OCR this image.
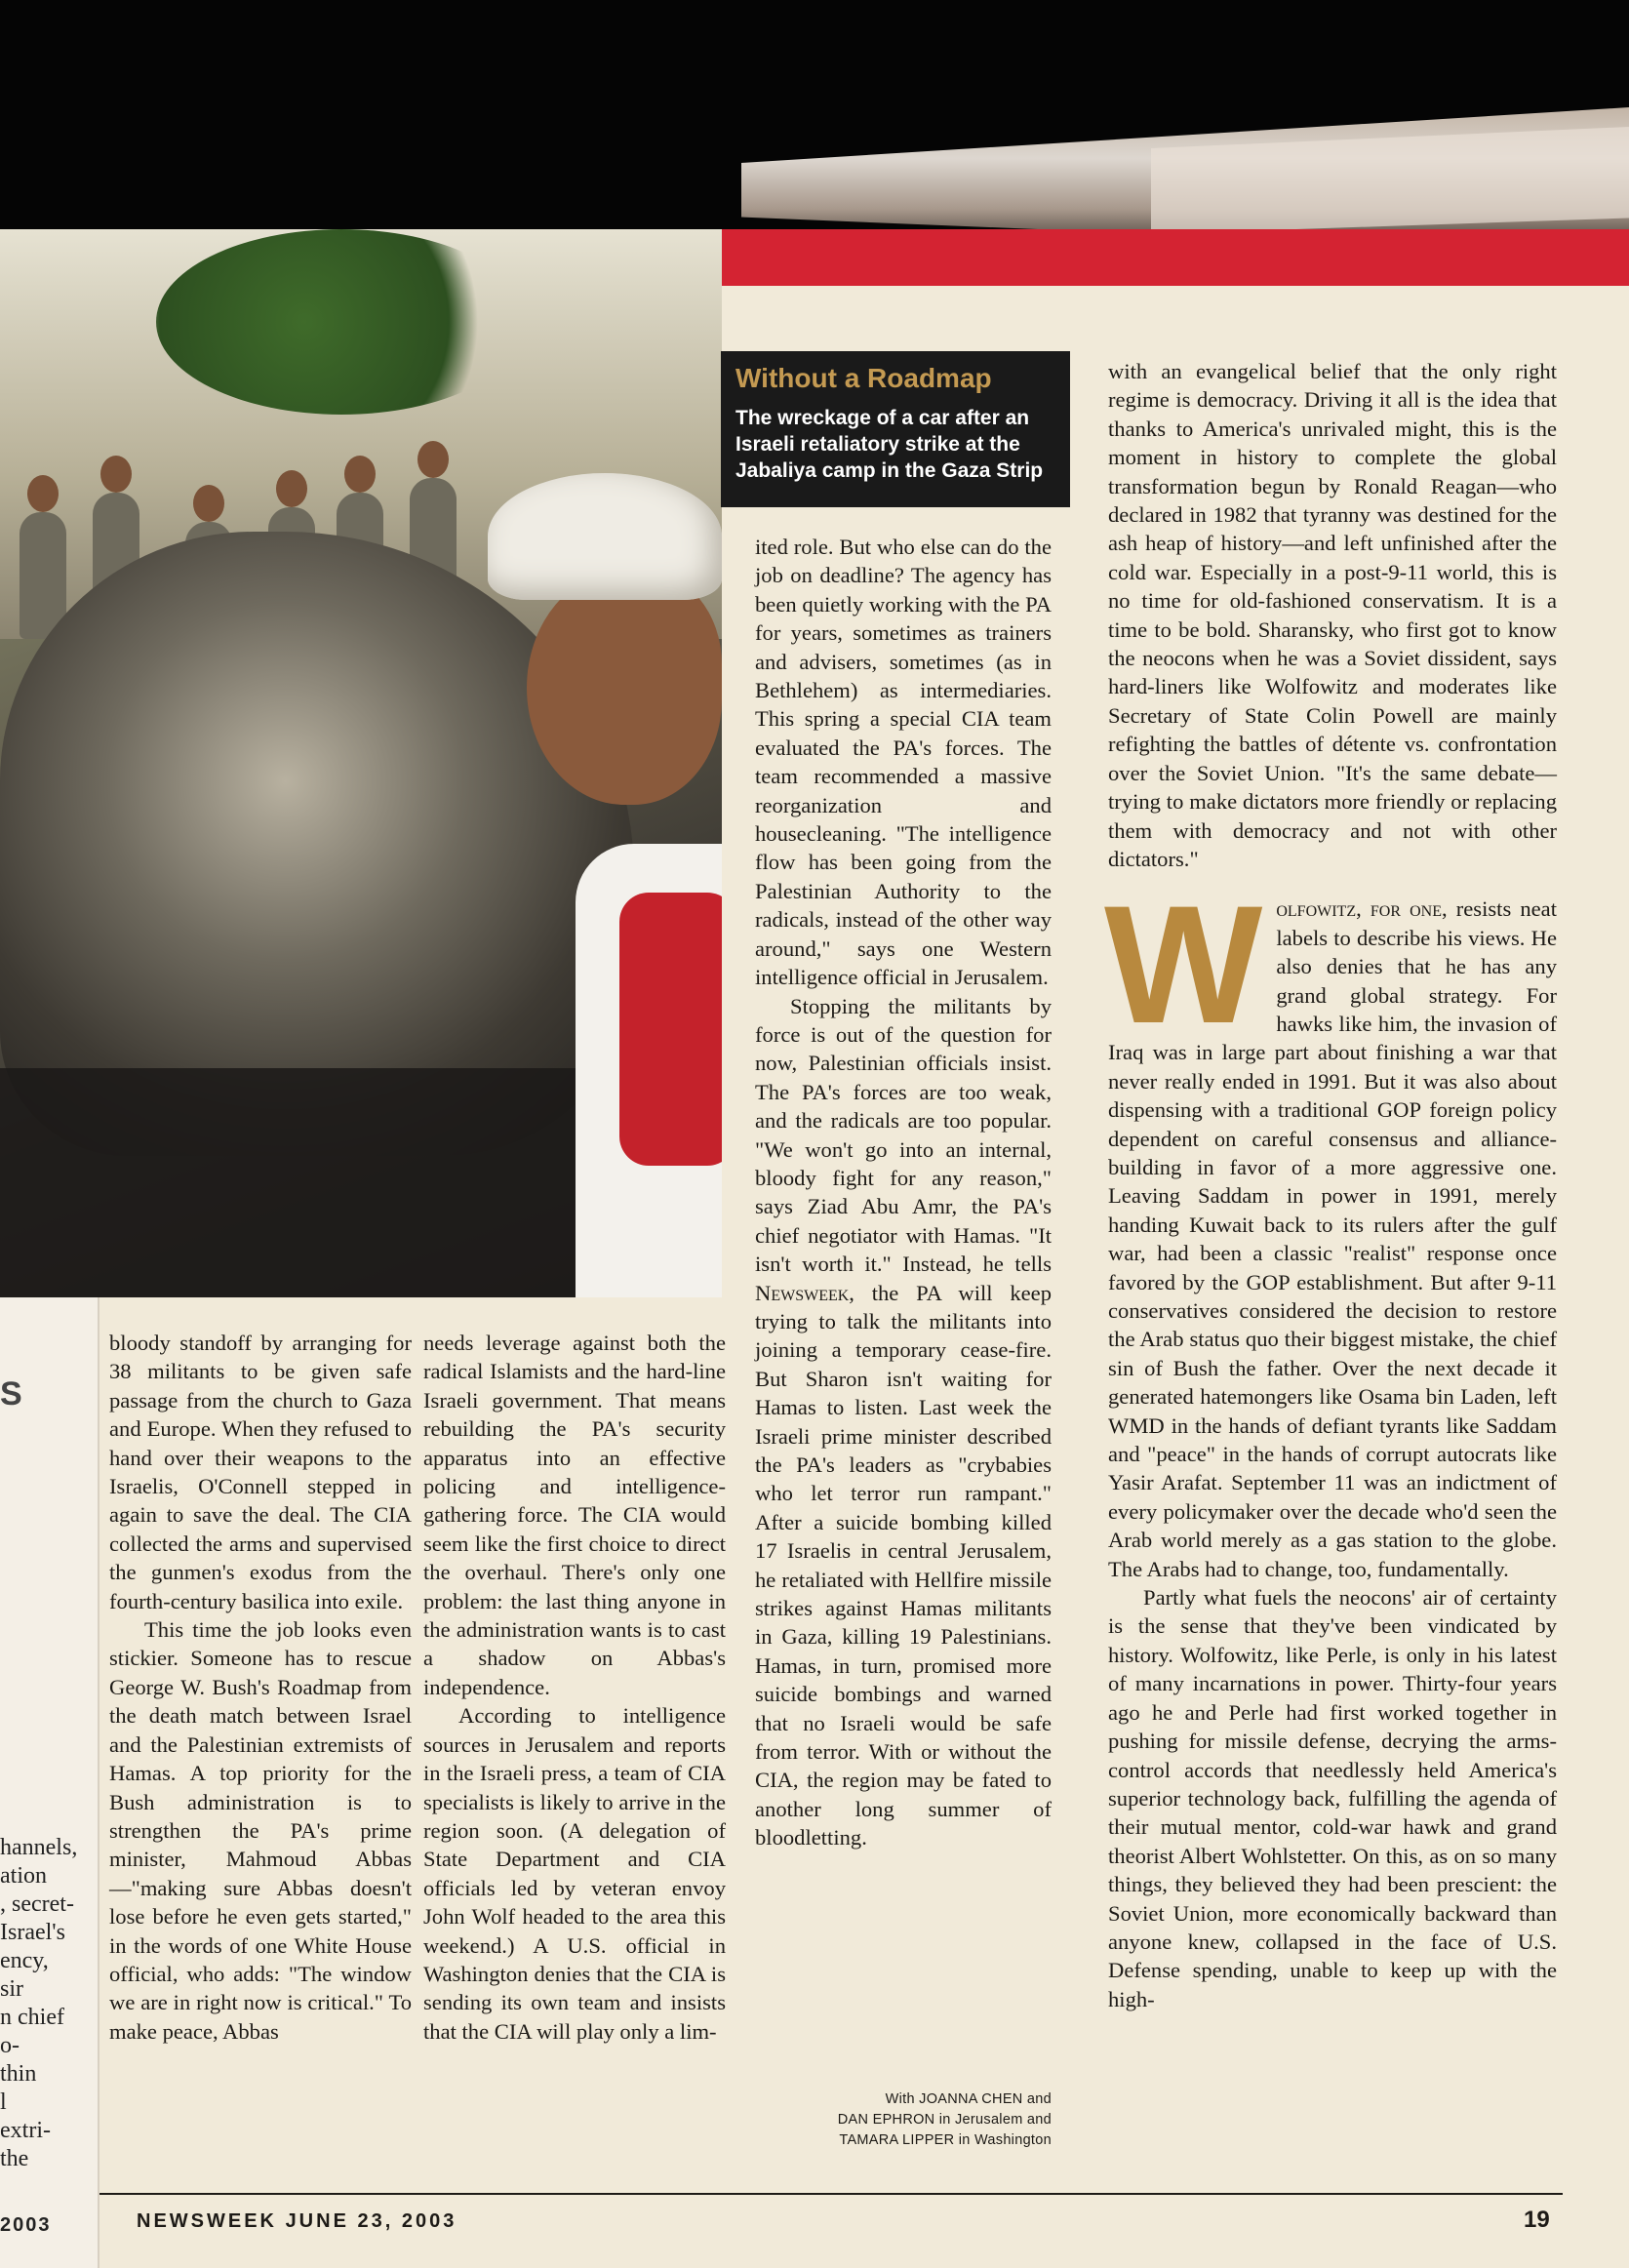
Without a Roadmap
The wreckage of a car after an Israeli retaliatory strike at the Jabaliya camp in the Gaza Strip
S
hannels,
ation
, secret-
Israel's
ency,
sir
n chief
o-
thin
l
extri-
the
2003

bloody standoff by arranging for 38 militants to be given safe passage from the church to Gaza and Europe. When they refused to hand over their weapons to the Israelis, O'Connell stepped in again to save the deal. The CIA collected the arms and supervised the gunmen's exodus from the fourth-century basilica into exile.

This time the job looks even stickier. Someone has to rescue George W. Bush's Roadmap from the death match between Israel and the Palestinian extremists of Hamas. A top priority for the Bush administration is to strengthen the PA's prime minister, Mahmoud Abbas—"making sure Abbas doesn't lose before he even gets started," in the words of one White House official, who adds: "The window we are in right now is critical." To make peace, Abbas

needs leverage against both the radical Islamists and the hard-line Israeli government. That means rebuilding the PA's security apparatus into an effective policing and intelligence-gathering force. The CIA would seem like the first choice to direct the overhaul. There's only one problem: the last thing anyone in the administration wants is to cast a shadow on Abbas's independence.

According to intelligence sources in Jerusalem and reports in the Israeli press, a team of CIA specialists is likely to arrive in the region soon. (A delegation of State Department and CIA officials led by veteran envoy John Wolf headed to the area this weekend.) A U.S. official in Washington denies that the CIA is sending its own team and insists that the CIA will play only a lim-

ited role. But who else can do the job on deadline? The agency has been quietly working with the PA for years, sometimes as trainers and advisers, sometimes (as in Bethlehem) as intermediaries. This spring a special CIA team evaluated the PA's forces. The team recommended a massive reorganization and housecleaning. "The intelligence flow has been going from the Palestinian Authority to the radicals, instead of the other way around," says one Western intelligence official in Jerusalem.

Stopping the militants by force is out of the question for now, Palestinian officials insist. The PA's forces are too weak, and the radicals are too popular. "We won't go into an internal, bloody fight for any reason," says Ziad Abu Amr, the PA's chief negotiator with Hamas. "It isn't worth it." Instead, he tells Newsweek, the PA will keep trying to talk the militants into joining a temporary cease-fire. But Sharon isn't waiting for Hamas to listen. Last week the Israeli prime minister described the PA's leaders as "crybabies who let terror run rampant." After a suicide bombing killed 17 Israelis in central Jerusalem, he retaliated with Hellfire missile strikes against Hamas militants in Gaza, killing 19 Palestinians. Hamas, in turn, promised more suicide bombings and warned that no Israeli would be safe from terror. With or without the CIA, the region may be fated to another long summer of bloodletting.

With JOANNA CHEN and
DAN EPHRON in Jerusalem and
TAMARA LIPPER in Washington

with an evangelical belief that the only right regime is democracy. Driving it all is the idea that thanks to America's unrivaled might, this is the moment in history to complete the global transformation begun by Ronald Reagan—who declared in 1982 that tyranny was destined for the ash heap of history—and left unfinished after the cold war. Especially in a post-9-11 world, this is no time for old-fashioned conservatism. It is a time to be bold. Sharansky, who first got to know the neocons when he was a Soviet dissident, says hard-liners like Wolfowitz and moderates like Secretary of State Colin Powell are mainly refighting the battles of détente vs. confrontation over the Soviet Union. "It's the same debate—trying to make dictators more friendly or replacing them with democracy and not with other dictators."

W olfowitz, for one, resists neat labels to describe his views. He also denies that he has any grand global strategy. For hawks like him, the invasion of Iraq was in large part about finishing a war that never really ended in 1991. But it was also about dispensing with a traditional GOP foreign policy dependent on careful consensus and alliance-building in favor of a more aggressive one. Leaving Saddam in power in 1991, merely handing Kuwait back to its rulers after the gulf war, had been a classic "realist" response once favored by the GOP establishment. But after 9-11 conservatives considered the decision to restore the Arab status quo their biggest mistake, the chief sin of Bush the father. Over the next decade it generated hatemongers like Osama bin Laden, left WMD in the hands of defiant tyrants like Saddam and "peace" in the hands of corrupt autocrats like Yasir Arafat. September 11 was an indictment of every policymaker over the decade who'd seen the Arab world merely as a gas station to the globe. The Arabs had to change, too, fundamentally.

Partly what fuels the neocons' air of certainty is the sense that they've been vindicated by history. Wolfowitz, like Perle, is only in his latest of many incarnations in power. Thirty-four years ago he and Perle had first worked together in pushing for missile defense, decrying the arms-control accords that needlessly held America's superior technology back, fulfilling the agenda of their mutual mentor, cold-war hawk and grand theorist Albert Wohlstetter. On this, as on so many things, they believed they had been prescient: the Soviet Union, more economically backward than anyone knew, collapsed in the face of U.S. Defense spending, unable to keep up with the high-

NEWSWEEK JUNE 23, 2003	19
